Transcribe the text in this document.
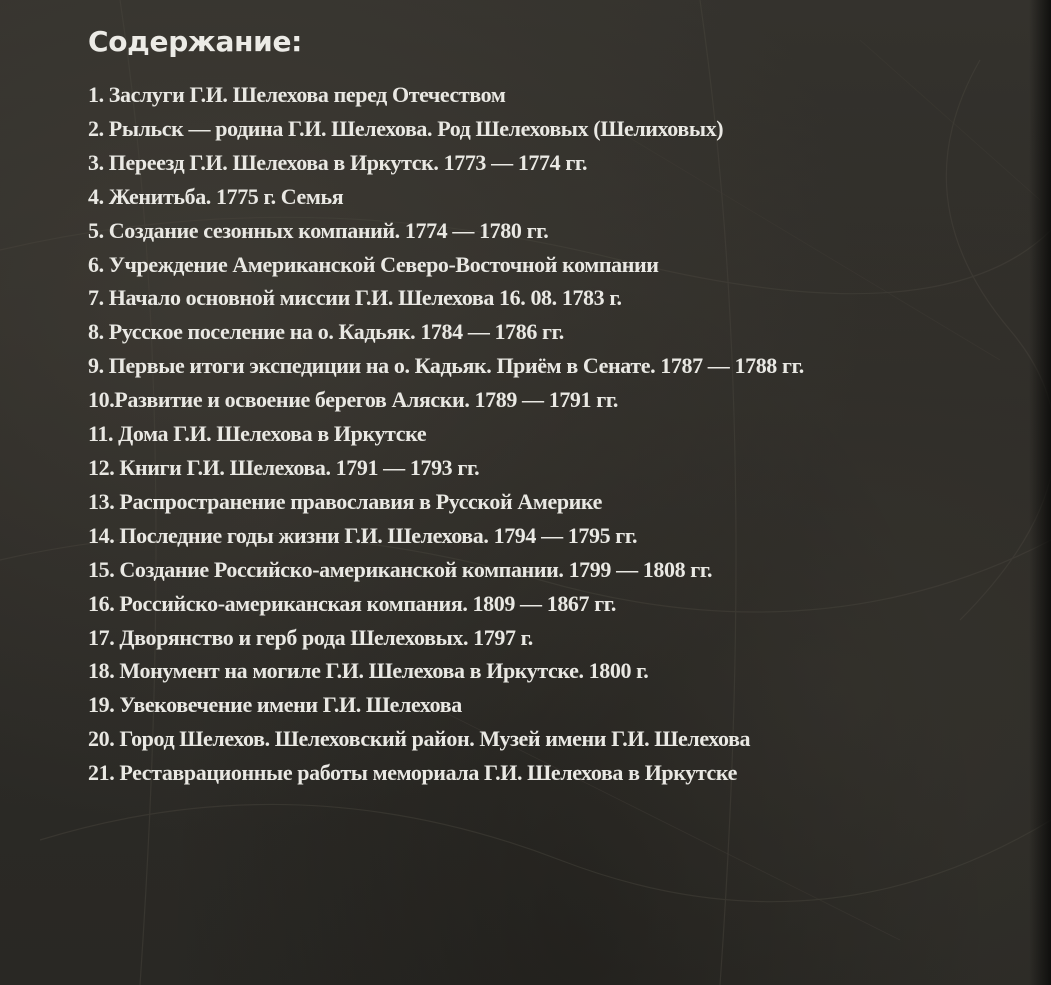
Содержание:
1. Заслуги Г.И. Шелехова перед Отечеством
2. Рыльск — родина Г.И. Шелехова. Род Шелеховых (Шелиховых)
3. Переезд Г.И. Шелехова в Иркутск. 1773 — 1774 гг.
4. Женитьба. 1775 г. Семья
5. Создание сезонных компаний. 1774 — 1780 гг.
6. Учреждение Американской Северо-Восточной компании
7. Начало основной миссии Г.И. Шелехова 16. 08. 1783 г.
8. Русское поселение на о. Кадьяк. 1784 — 1786 гг.
9. Первые итоги экспедиции на о. Кадьяк. Приём в Сенате. 1787 — 1788 гг.
10.Развитие и освоение берегов Аляски. 1789 — 1791 гг.
11. Дома Г.И. Шелехова в Иркутске
12. Книги Г.И. Шелехова. 1791 — 1793 гг.
13. Распространение православия в Русской Америке
14. Последние годы жизни Г.И. Шелехова. 1794 — 1795 гг.
15. Создание Российско-американской компании. 1799 — 1808 гг.
16. Российско-американская компания. 1809 — 1867 гг.
17. Дворянство и герб рода Шелеховых. 1797 г.
18. Монумент на могиле Г.И. Шелехова в Иркутске. 1800 г.
19. Увековечение имени Г.И. Шелехова
20. Город Шелехов. Шелеховский район. Музей имени Г.И. Шелехова
21. Реставрационные работы мемориала Г.И. Шелехова в Иркутске
